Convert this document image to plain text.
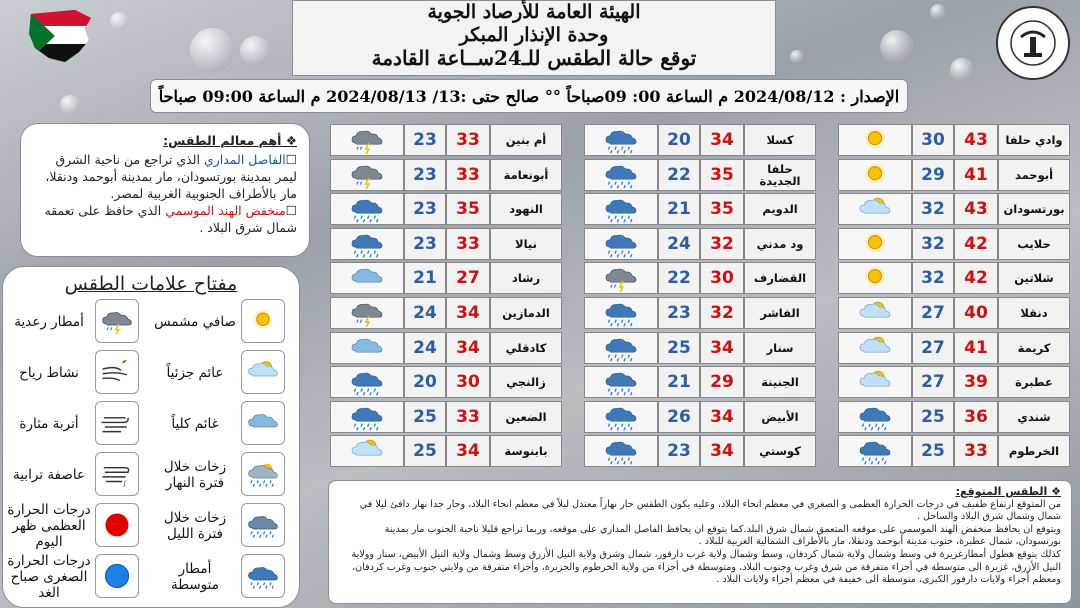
الهيئة العامة للأرصاد الجوية
وحدة الإنذار المبكر
توقع حالة الطقس للـ24ســاعة القادمة
الإصدار : 2024/08/12 م الساعة 00: 09صباحاً °° صالح حتى :13/ 2024/08/13 م الساعة 09:00 صباحاً
❖ أهم معالم الطقس:
☐الفاصل المداري الذي تراجع من ناحية الشرق ليمر بمدينة بورتسودان، مار بمدينة أبوحمد ودنقلا، مار بالأطراف الجنوبية الغربية لمصر.
☐منخفض الهند الموسمي الذي حافظ على تعمقه شمال شرق البلاد .
مفتاح علامات الطقس
صافي مشمس
أمطار رعدية
عائم جزئياً
نشاط رياح
غائم كلياً
أتربة مثارة
زخات خلال فترة النهار
∫
عاصفة ترابية
زخات خلال فترة الليل
درجات الحرارة العظمى ظهر اليوم
أمطار متوسطة
درجات الحرارة الصغرى صباح الغد
30	43	وادي حلفا
29	41	أبوحمد
32	43	بورتسودان
32	42	حلايب
32	42	شلاتين
27	40	دنقلا
27	41	كريمة
27	39	عطبرة
25	36	شندي
25	33	الخرطوم
20	34	كسلا
22	35	حلفا الجديدة
21	35	الدويم
24	32	ود مدني
22	30	القضارف
23	32	الفاشر
25	34	سنار
21	29	الجنينة
26	34	الأبيض
23	34	كوستي
23	33	أم بنين
23	33	أبونعامة
23	35	النهود
23	33	نيالا
21	27	رشاد
24	34	الدمازين
24	34	كادقلي
20	30	زالنجي
25	33	الضعين
25	34	بابنوسة
❖ الطقس المتوقع:
من المتوقع ارتفاع طفيف في درجات الحرارة العظمى و الصغرى في معظم انحاء البلاد، وعليه يكون الطقس حار نهاراً معتدل ليلاً في معظم انحاء البلاد، وحار جدا نهار دافئ ليلا في شمال وشمال شرق البلاد والساحل .
ويتوقع ان يحافظ منخفض الهند الموسمي على موقعه المتعمق شمال شرق البلد.كما يتوقع ان يحافظ الفاصل المداري على موقعه، وربما تراجع قليلا ناحية الجنوب مار بمدينة بورتسودان، شمال عطبرة، جنوب مدينة أبوحمد ودنقلا، مار بالأطراف الشمالية الغربية للبلاد .
كذلك يتوقع هطول أمطارغزيرة في وسط وشمال ولاية شمال كردفان، وسط وشمال ولاية غرب دارفور، شمال وشرق ولاية النيل الأزرق وسط وشمال ولاية النيل الأبيض، سنار وولاية النيل الأزرق، غزيرة الى متوسطة في أجزاء متفرقة من شرق وغرب وجنوب البلاد، ومتوسطة في أجزاء من ولاية الخرطوم والجزيرة، وأجزاء متفرقة من ولايتي جنوب وغرب كردفان، ومعظم أجزاء ولايات دارفور الكبرى، متوسطة الى خفيفة في معظم أجزاء ولايات البلاد .
